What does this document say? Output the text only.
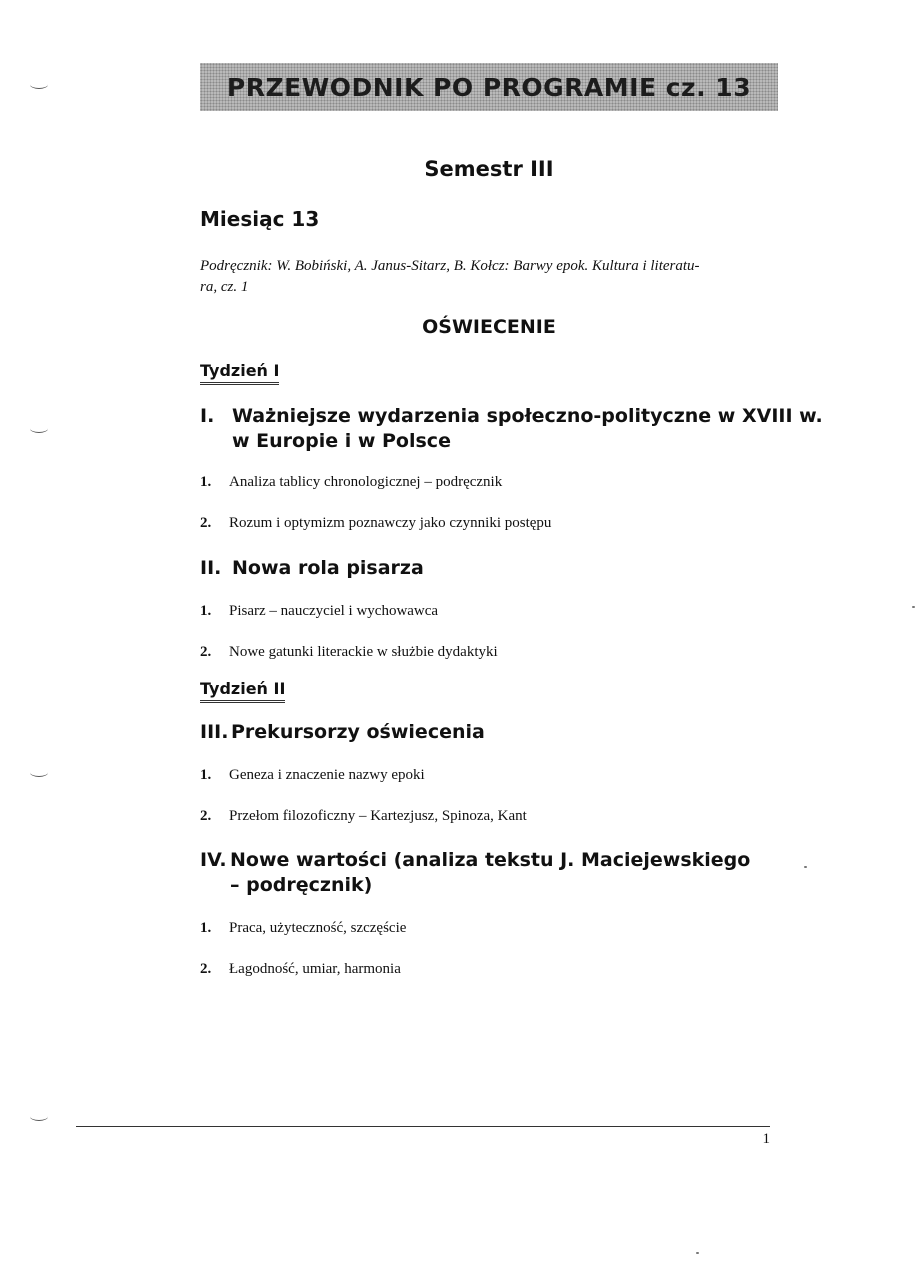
PRZEWODNIK PO PROGRAMIE cz. 13
Semestr III
Miesiąc 13
Podręcznik: W. Bobiński, A. Janus-Sitarz, B. Kołcz: Barwy epok. Kultura i literatu-
ra, cz. 1
OŚWIECENIE
Tydzień I
I. Ważniejsze wydarzenia społeczno-polityczne w XVIII w.
w Europie i w Polsce
1.	Analiza tablicy chronologicznej – podręcznik
2.	Rozum i optymizm poznawczy jako czynniki postępu
II. Nowa rola pisarza
1.	Pisarz – nauczyciel i wychowawca
2.	Nowe gatunki literackie w służbie dydaktyki
Tydzień II
III. Prekursorzy oświecenia
1.	Geneza i znaczenie nazwy epoki
2.	Przełom filozoficzny – Kartezjusz, Spinoza, Kant
IV. Nowe wartości (analiza tekstu J. Maciejewskiego
– podręcznik)
1.	Praca, użyteczność, szczęście
2.	Łagodność, umiar, harmonia
1
